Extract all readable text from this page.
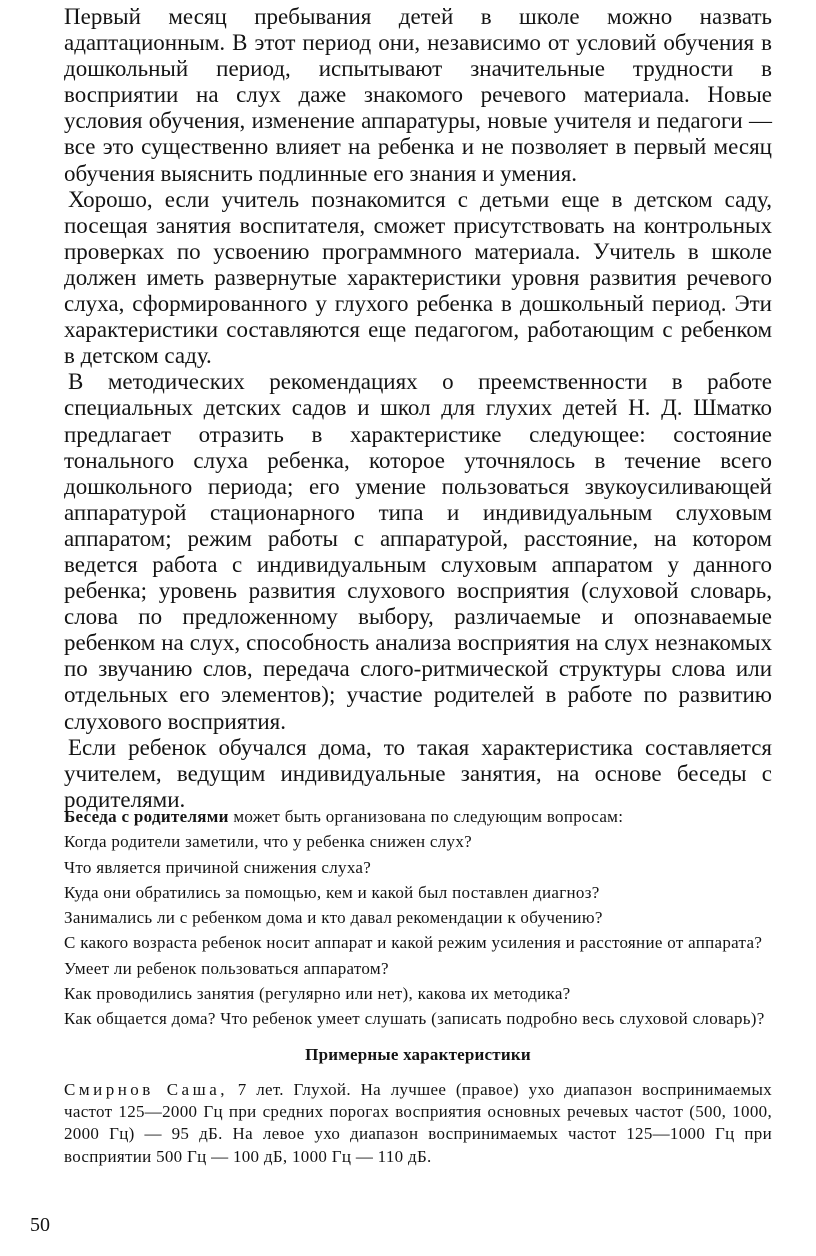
Первый месяц пребывания детей в школе можно назвать адаптационным. В этот период они, независимо от условий обучения в дошкольный период, испытывают значительные трудности в восприятии на слух даже знакомого речевого материала. Новые условия обучения, изменение аппаратуры, новые учителя и педагоги — все это существенно влияет на ребенка и не позволяет в первый месяц обучения выяснить подлинные его знания и умения.

Хорошо, если учитель познакомится с детьми еще в детском саду, посещая занятия воспитателя, сможет присутствовать на контрольных проверках по усвоению программного материала. Учитель в школе должен иметь развернутые характеристики уровня развития речевого слуха, сформированного у глухого ребенка в дошкольный период. Эти характеристики составляются еще педагогом, работающим с ребенком в детском саду.

В методических рекомендациях о преемственности в работе специальных детских садов и школ для глухих детей Н. Д. Шматко предлагает отразить в характеристике следующее: состояние тонального слуха ребенка, которое уточнялось в течение всего дошкольного периода; его умение пользоваться звукоусиливающей аппаратурой стационарного типа и индивидуальным слуховым аппаратом; режим работы с аппаратурой, расстояние, на котором ведется работа с индивидуальным слуховым аппаратом у данного ребенка; уровень развития слухового восприятия (слуховой словарь, слова по предложенному выбору, различаемые и опознаваемые ребенком на слух, способность анализа восприятия на слух незнакомых по звучанию слов, передача слого-ритмической структуры слова или отдельных его элементов); участие родителей в работе по развитию слухового восприятия.

Если ребенок обучался дома, то такая характеристика составляется учителем, ведущим индивидуальные занятия, на основе беседы с родителями.

Беседа с родителями может быть организована по следующим вопросам:

Когда родители заметили, что у ребенка снижен слух?

Что является причиной снижения слуха?

Куда они обратились за помощью, кем и какой был поставлен диагноз?

Занимались ли с ребенком дома и кто давал рекомендации к обучению?

С какого возраста ребенок носит аппарат и какой режим усиления и расстояние от аппарата?

Умеет ли ребенок пользоваться аппаратом?

Как проводились занятия (регулярно или нет), какова их методика?

Как общается дома? Что ребенок умеет слушать (записать подробно весь слуховой словарь)?

Примерные характеристики

Смирнов Саша, 7 лет. Глухой. На лучшее (правое) ухо диапазон воспринимаемых частот 125—2000 Гц при средних порогах восприятия основных речевых частот (500, 1000, 2000 Гц) — 95 дБ. На левое ухо диапазон воспринимаемых частот 125—1000 Гц при восприятии 500 Гц — 100 дБ, 1000 Гц — 110 дБ.

50
